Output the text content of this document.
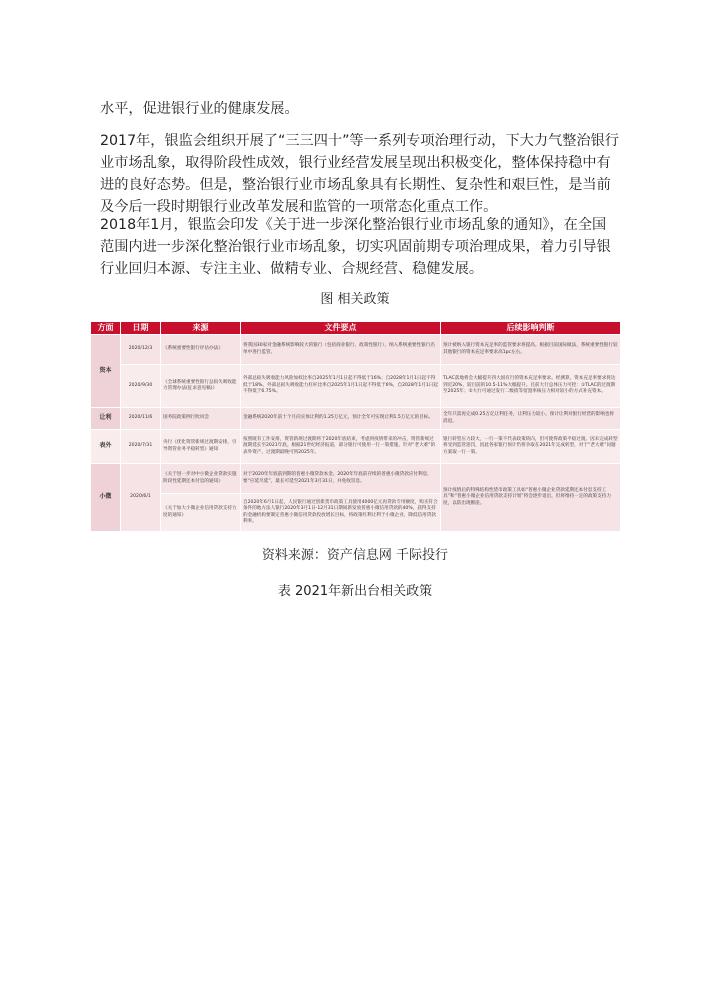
水平，促进银行业的健康发展。

2017年，银监会组织开展了“三三四十”等一系列专项治理行动，下大力气整治银行业市场乱象，取得阶段性成效，银行业经营发展呈现出积极变化，整体保持稳中有进的良好态势。但是，整治银行业市场乱象具有长期性、复杂性和艰巨性，是当前及今后一段时期银行业改革发展和监管的一项常态化重点工作。

2018年1月，银监会印发《关于进一步深化整治银行业市场乱象的通知》，在全国范围内进一步深化整治银行业市场乱象，切实巩固前期专项治理成果，着力引导银行业回归本源、专注主业、做精专业、合规经营、稳健发展。

图 相关政策
方面	日期	来源	文件要点	后续影响判断
资本	2020/12/3	《系统重要性银行评估办法》	将我国30家对金融系统影响较大的银行（包括商业银行、政策性银行），纳入系统重要性银行名单中进行监管。	预计被纳入银行资本充足率的监管要求将提高。根据目前国际做法，系统重要性银行较其他银行的资本充足率要求高1pc左右。
	2020/9/30	《全球系统重要性银行总损失吸收能力管理办法(征求意见稿)》	外部总损失吸收能力风险加权比率自2025年1月1日起不得低于16%；自2028年1月1日起不得低于18%。外部总损失吸收能力杠杆比率自2025年1月1日起不得低于6%，自2028年1月1日起不得低于6.75%。	TLAC落地将会大幅提升四大国有行的资本充足率要求。经测算，资本充足率要求将达到近20%，较目前的10.5-11%大幅提升。目前大行总体压力可控：①TLAC的过渡期至2025年；②大行可通过发行二级债等留置率核压力相对较小的方式补充资本。
让利	2020/11/6	国务院政策例行吹风会	金融系统2020年前十个月向实体让利约1.25万亿元，预计全年可实现让利1.5万亿元的目标。	全年只需再完成0.25万亿让利任务，让利压力较小。预计让利对银行经营的影响也将消退。
表外	2020/7/31	央行《优化资管新规过渡期安排，引导资管业务平稳转型》通知	按照既有工作安排，资管新规过渡期将于2020年底结束，考虑到疫情带来的冲击，资管新规过渡期延长至2021年底。根据21世纪经济报道，部分银行可使用一行一策措施，针对“老大难”的表外资产，过渡期最晚可到2025年。	银行转型压力较大，一行一策不代表政策转向，但可使得政策平稳过渡。因未完成转型将受到监管惩罚，因此各家银行预计仍将争取在2021年完成转型，对于“老大难”问题方案取一行一策。
小微	2020/6/1	《关于进一步对中小微企业贷款实施阶段性延期还本付息的通知》	对于2020年年底前到期的普惠小微贷款本金、2020年年底前存续的普惠小微贷款应付利息，要“应延尽延”，最长可延至2021年3月31日，并免收罚息。	预计疫情后的特殊结构性货币政策工具如“普惠小微企业贷款延期还本付息支持工具”和“普惠小微企业信用贷款支持计划”将会逐步退出，但将维持一定的政策支持力度，以防出现断崖。
		《关于加大小微企业信用贷款支持力度的通知》	自2020年6月1日起，人民银行通过创新货币政策工具使用4000亿元再贷款专用额度，购买符合条件的地方法人银行2020年3月1日-12月31日期间新发放普惠小微信用贷款的40%，获得支持的金融机构要制定普惠小微信用贷款投放增长目标，将政策红利让利于小微企业，降低信用贷款利率。	
资料来源：资产信息网 千际投行
表 2021年新出台相关政策
